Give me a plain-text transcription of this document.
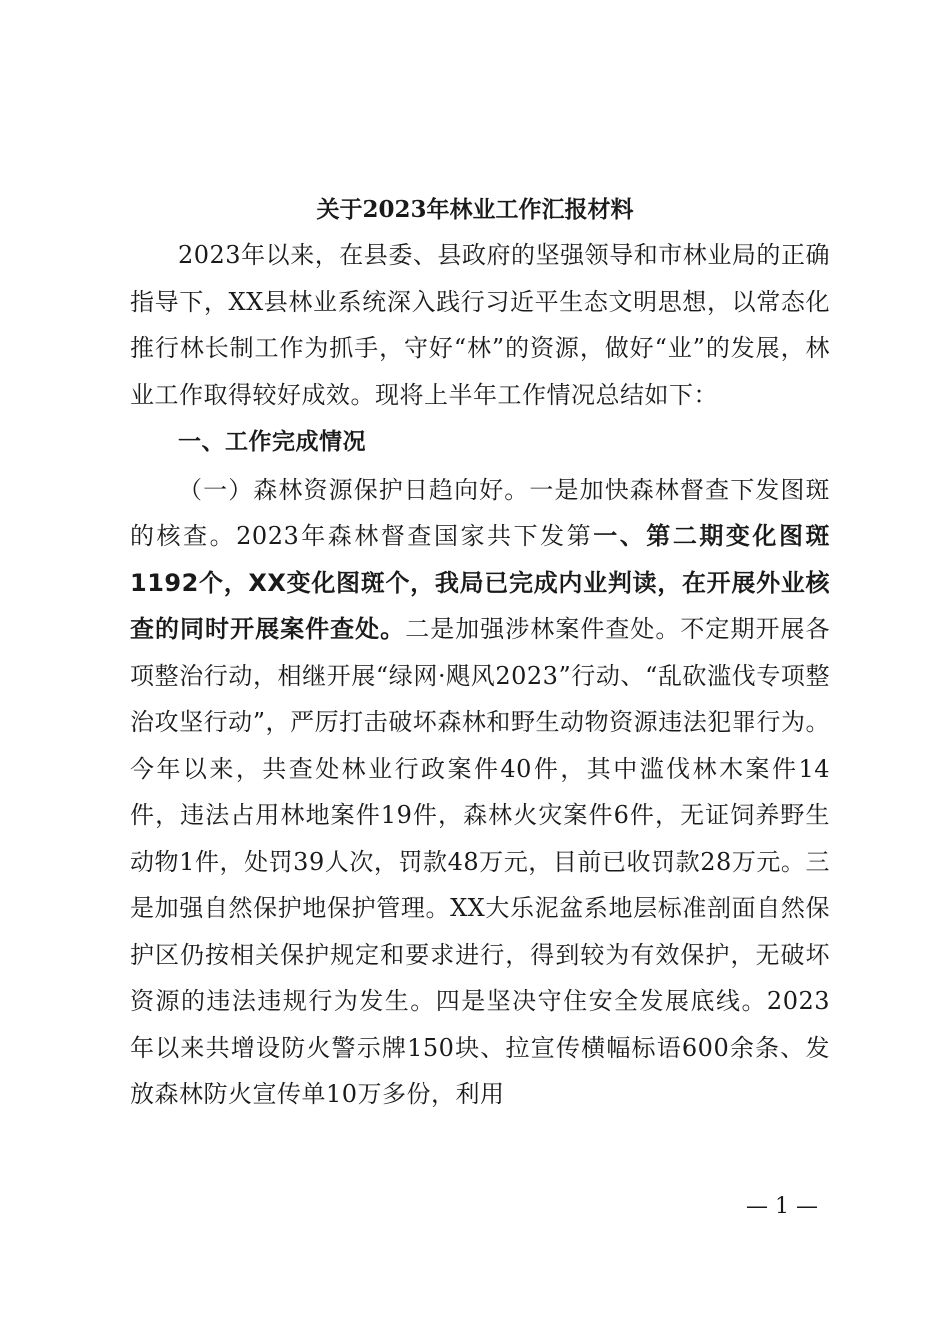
关于2023年林业工作汇报材料

2023年以来，在县委、县政府的坚强领导和市林业局的正确指导下，XX县林业系统深入践行习近平生态文明思想，以常态化推行林长制工作为抓手，守好“林”的资源，做好“业”的发展，林业工作取得较好成效。现将上半年工作情况总结如下：

一、工作完成情况

（一）森林资源保护日趋向好。一是加快森林督查下发图斑的核查。2023年森林督查国家共下发第一、第二期变化图斑1192个，XX变化图斑个，我局已完成内业判读，在开展外业核查的同时开展案件查处。二是加强涉林案件查处。不定期开展各项整治行动，相继开展“绿网·飓风2023”行动、“乱砍滥伐专项整治攻坚行动”，严厉打击破坏森林和野生动物资源违法犯罪行为。今年以来，共查处林业行政案件40件，其中滥伐林木案件14件，违法占用林地案件19件，森林火灾案件6件，无证饲养野生动物1件，处罚39人次，罚款48万元，目前已收罚款28万元。三是加强自然保护地保护管理。XX大乐泥盆系地层标准剖面自然保护区仍按相关保护规定和要求进行，得到较为有效保护，无破坏资源的违法违规行为发生。四是坚决守住安全发展底线。2023年以来共增设防火警示牌150块、拉宣传横幅标语600余条、发放森林防火宣传单10万多份，利用

— 1 —
